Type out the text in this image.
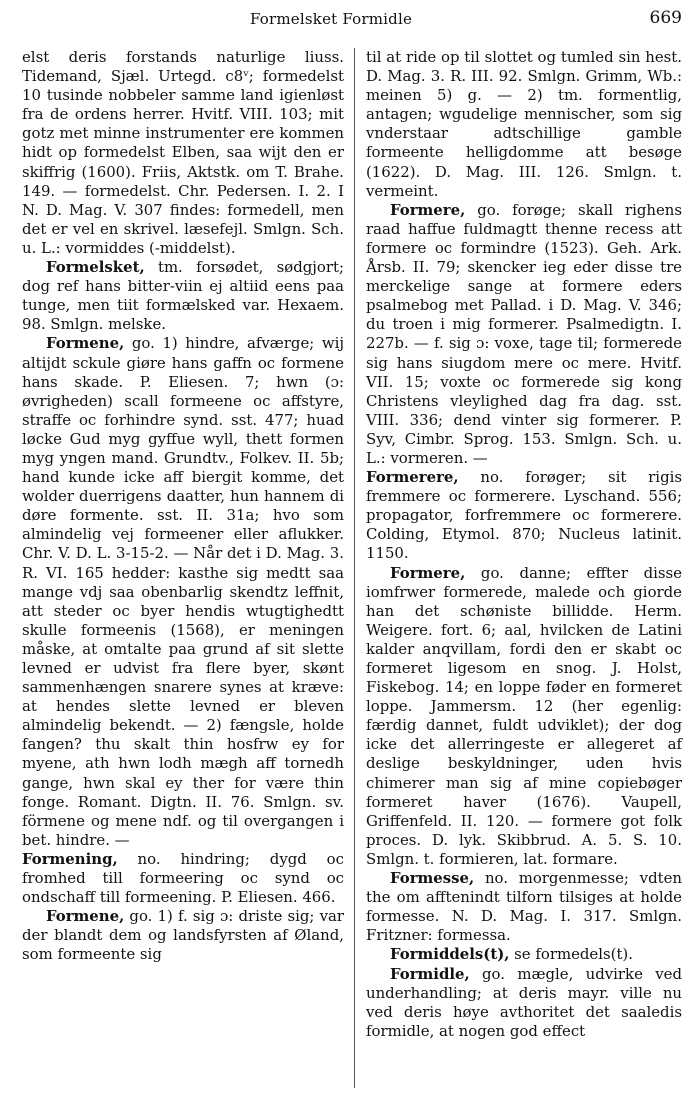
Formelsket Formidle	669

elst deris forstands naturlige liuss. Tidemand, Sjæl. Urtegd. c8ᵛ; formedelst 10 tusinde nobbeler samme land igienløst fra de ordens herrer. Hvitf. VIII. 103; mit gotz met minne instrumenter ere kommen hidt op formedelst Elben, saa wijt den er skiffrig (1600). Friis, Aktstk. om T. Brahe. 149. — formedelst. Chr. Pedersen. I. 2. I N. D. Mag. V. 307 findes: formedell, men det er vel en skrivel. læsefejl. Smlgn. Sch. u. L.: vormiddes (-middelst).

Formelsket, tm. forsødet, sødgjort; dog ref hans bitter-viin ej altiid eens paa tunge, men tiit formælsked var. Hexaem. 98. Smlgn. melske.

Formene, go. 1) hindre, afværge; wij altijdt sckule giøre hans gaffn oc formene hans skade. P. Eliesen. 7; hwn (ɔ: øvrigheden) scall formeene oc affstyre, straffe oc forhindre synd. sst. 477; huad løcke Gud myg gyffue wyll, thett formen myg yngen mand. Grundtv., Folkev. II. 5b; hand kunde icke aff biergit komme, det wolder duerrigens daatter, hun hannem di døre formente. sst. II. 31a; hvo som almindelig vej formeener eller aflukker. Chr. V. D. L. 3-15-2. — Når det i D. Mag. 3. R. VI. 165 hedder: kasthe sig medtt saa mange vdj saa obenbarlig skendtz leffnit, att steder oc byer hendis wtugtighedtt skulle formeenis (1568), er meningen måske, at omtalte paa grund af sit slette levned er udvist fra flere byer, skønt sammenhængen snarere synes at kræve: at hendes slette levned er bleven almindelig bekendt. — 2) fængsle, holde fangen? thu skalt thin hosfrw ey for myene, ath hwn lodh mægh aff tornedh gange, hwn skal ey ther for være thin fonge. Romant. Digtn. II. 76. Smlgn. sv. förmene og mene ndf. og til overgangen i bet. hindre. —

Formening, no. hindring; dygd oc fromhed till formeering oc synd oc ondschaff till formeening. P. Eliesen. 466.

Formene, go. 1) f. sig ɔ: driste sig; var der blandt dem og landsfyrsten af Øland, som formeente sig

til at ride op til slottet og tumled sin hest. D. Mag. 3. R. III. 92. Smlgn. Grimm, Wb.: meinen 5) g. — 2) tm. formentlig, antagen; wgudelige mennischer, som sig vnderstaar adtschillige gamble formeente helligdomme att besøge (1622). D. Mag. III. 126. Smlgn. t. vermeint.

Formere, go. forøge; skall righens raad haffue fuldmagtt thenne recess att formere oc formindre (1523). Geh. Ark. Årsb. II. 79; skencker ieg eder disse tre merckelige sange at formere eders psalmebog met Pallad. i D. Mag. V. 346; du troen i mig formerer. Psalmedigtn. I. 227b. — f. sig ɔ: voxe, tage til; formerede sig hans siugdom mere oc mere. Hvitf. VII. 15; voxte oc formerede sig kong Christens vleylighed dag fra dag. sst. VIII. 336; dend vinter sig formerer. P. Syv, Cimbr. Sprog. 153. Smlgn. Sch. u. L.: vormeren. —

Formerere, no. forøger; sit rigis fremmere oc formerere. Lyschand. 556; propagator, forfremmere oc formerere. Colding, Etymol. 870; Nucleus latinit. 1150.

Formere, go. danne; effter disse iomfrwer formerede, malede och giorde han det schøniste billidde. Herm. Weigere. fort. 6; aal, hvilcken de Latini kalder anqvillam, fordi den er skabt oc formeret ligesom en snog. J. Holst, Fiskebog. 14; en loppe føder en formeret loppe. Jammersm. 12 (her egenlig: færdig dannet, fuldt udviklet); der dog icke det allerringeste er allegeret af deslige beskyldninger, uden hvis chimerer man sig af mine copiebøger formeret haver (1676). Vaupell, Griffenfeld. II. 120. — formere got folk proces. D. lyk. Skibbrud. A. 5. S. 10. Smlgn. t. formieren, lat. formare.

Formesse, no. morgenmesse; vdten the om afftenindt tilforn tilsiges at holde formesse. N. D. Mag. I. 317. Smlgn. Fritzner: formessa.

Formiddels(t), se formedels(t).

Formidle, go. mægle, udvirke ved underhandling; at deris mayr. ville nu ved deris høye avthoritet det saaledis formidle, at nogen god effect
